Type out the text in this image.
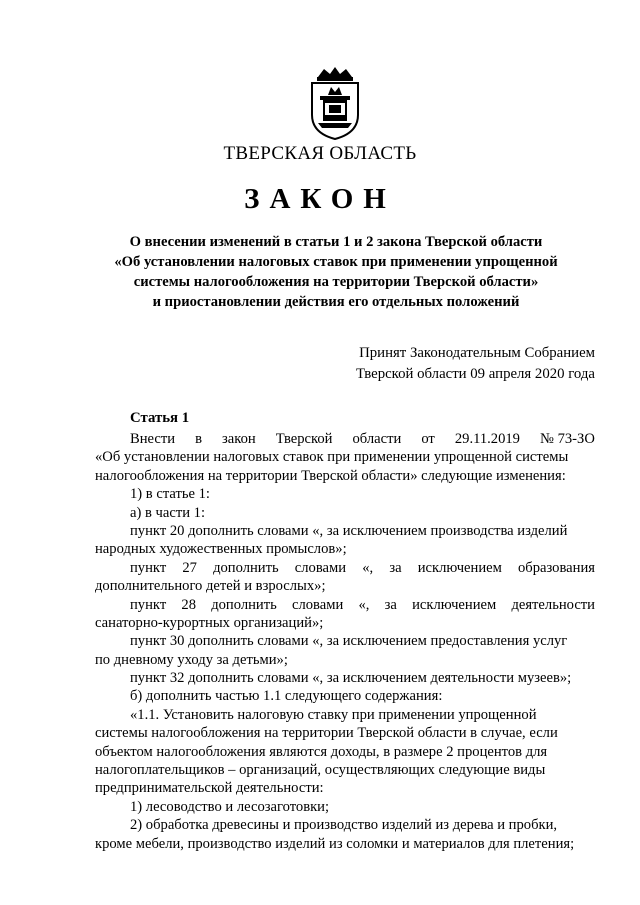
ТВЕРСКАЯ ОБЛАСТЬ
ЗАКОН
О внесении изменений в статьи 1 и 2 закона Тверской области
«Об установлении налоговых ставок при применении упрощенной
системы налогообложения на территории Тверской области»
и приостановлении действия его отдельных положений
Принят Законодательным Собранием
Тверской области 09 апреля 2020 года
Статья 1
Внести в закон Тверской области от 29.11.2019 № 73-ЗО
«Об установлении налоговых ставок при применении упрощенной системы
налогообложения на территории Тверской области» следующие изменения:
1) в статье 1:
а) в части 1:
пункт 20 дополнить словами «, за исключением производства изделий
народных художественных промыслов»;
пункт 27 дополнить словами «, за исключением образования
дополнительного детей и взрослых»;
пункт 28 дополнить словами «, за исключением деятельности
санаторно-курортных организаций»;
пункт 30 дополнить словами «, за исключением предоставления услуг
по дневному уходу за детьми»;
пункт 32 дополнить словами «, за исключением деятельности музеев»;
б) дополнить частью 1.1 следующего содержания:
«1.1. Установить налоговую ставку при применении упрощенной
системы налогообложения на территории Тверской области в случае, если
объектом налогообложения являются доходы, в размере 2 процентов для
налогоплательщиков – организаций, осуществляющих следующие виды
предпринимательской деятельности:
1) лесоводство и лесозаготовки;
2) обработка древесины и производство изделий из дерева и пробки,
кроме мебели, производство изделий из соломки и материалов для плетения;
